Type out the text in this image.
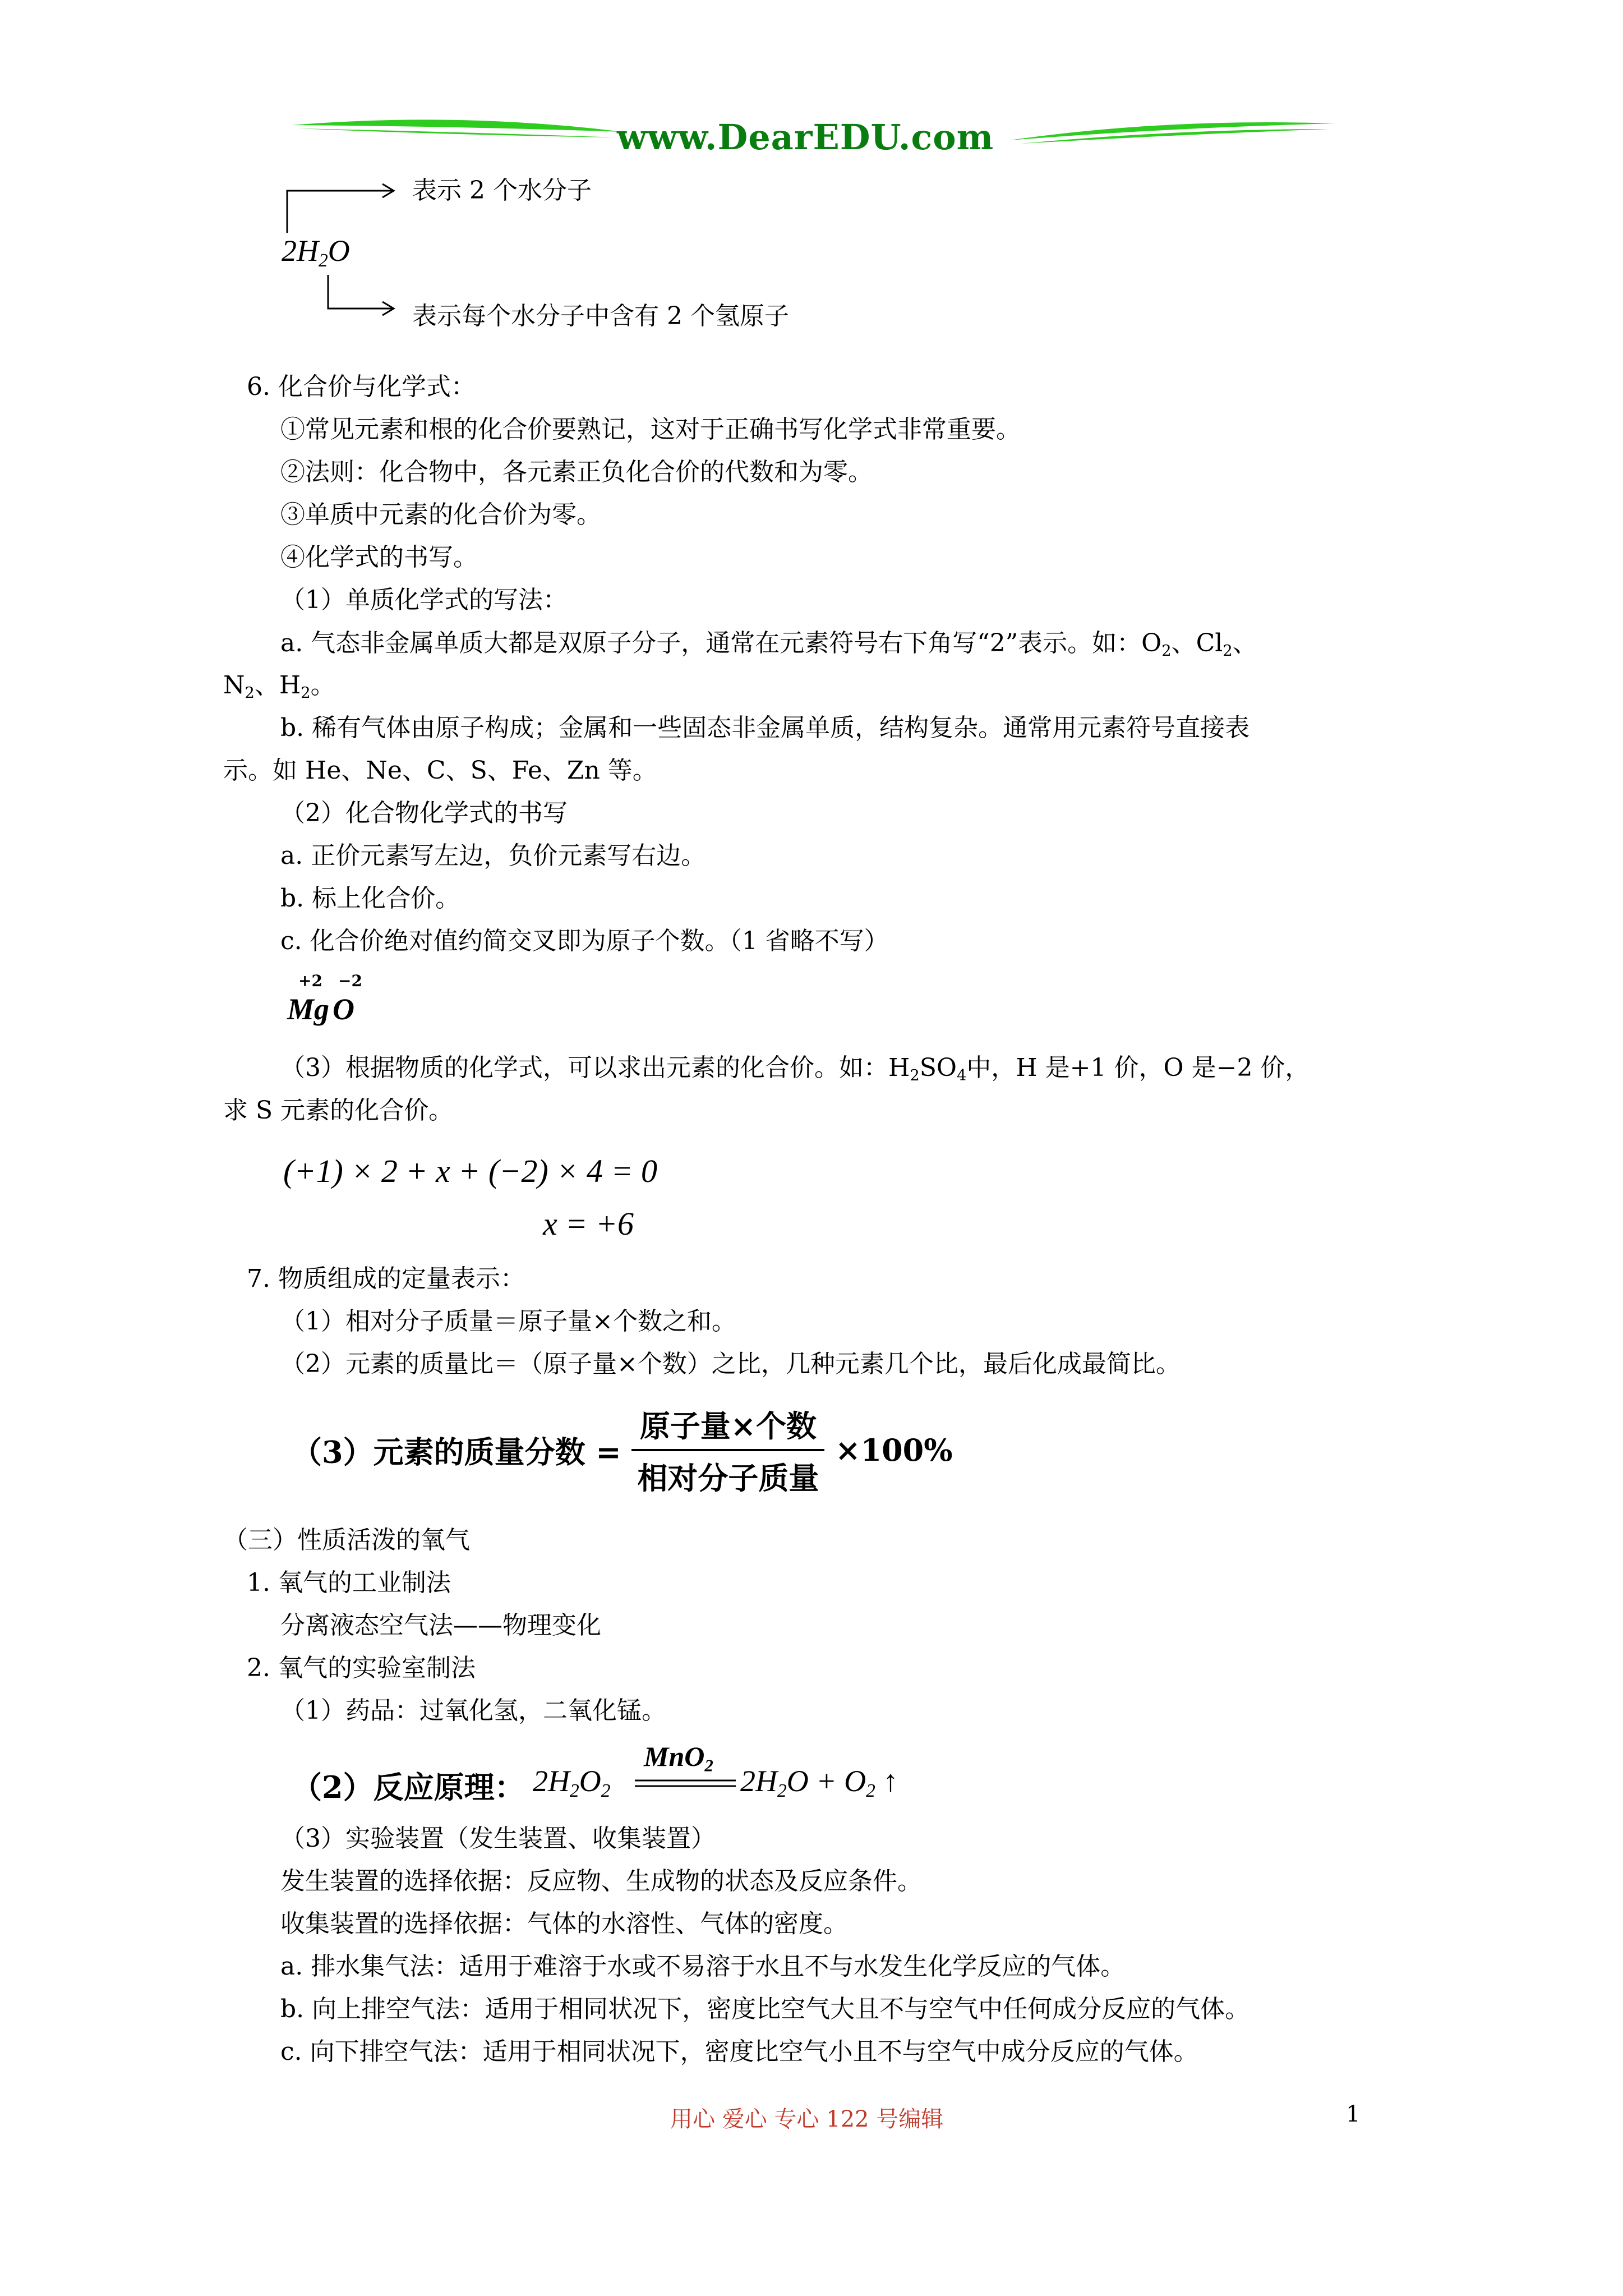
www.DearEDU.com
表示 2 个水分子
$2H_2O$
表示每个水分子中含有 2 个氢原子
6. 化合价与化学式：
①常见元素和根的化合价要熟记，这对于正确书写化学式非常重要。
②法则：化合物中，各元素正负化合价的代数和为零。
③单质中元素的化合价为零。
④化学式的书写。
（1）单质化学式的写法：
a. 气态非金属单质大都是双原子分子，通常在元素符号右下角写“2”表示。如：$O_2$、$Cl_2$、
$N_2$、$H_2$。
b. 稀有气体由原子构成；金属和一些固态非金属单质，结构复杂。通常用元素符号直接表
示。如 He、Ne、C、S、Fe、Zn 等。
（2）化合物化学式的书写
a. 正价元素写左边，负价元素写右边。
b. 标上化合价。
c. 化合价绝对值约简交叉即为原子个数。（1 省略不写）
+2 −2
Mg O
（3）根据物质的化学式，可以求出元素的化合价。如：$H_2SO_4$中，H 是+1 价，O 是−2 价，
求 S 元素的化合价。
(+1) × 2 + x + (−2) × 4 = 0
x = +6
7. 物质组成的定量表示：
（1）相对分子质量＝原子量×个数之和。
（2）元素的质量比＝（原子量×个数）之比，几种元素几个比，最后化成最简比。
（3）元素的质量分数 = $\frac{\text{原子量×个数}}{\text{相对分子质量}} \times 100\%$
（三）性质活泼的氧气
1. 氧气的工业制法
分离液态空气法——物理变化
2. 氧气的实验室制法
（1）药品：过氧化氢，二氧化锰。
（2）反应原理： $2H_2O_2$
MnO$_2$ $2H_2O + O_2$ ↑
（3）实验装置（发生装置、收集装置）
发生装置的选择依据：反应物、生成物的状态及反应条件。
收集装置的选择依据：气体的水溶性、气体的密度。
a. 排水集气法：适用于难溶于水或不易溶于水且不与水发生化学反应的气体。
b. 向上排空气法：适用于相同状况下，密度比空气大且不与空气中任何成分反应的气体。
c. 向下排空气法：适用于相同状况下，密度比空气小且不与空气中成分反应的气体。
用心 爱心 专心 122 号编辑	1
